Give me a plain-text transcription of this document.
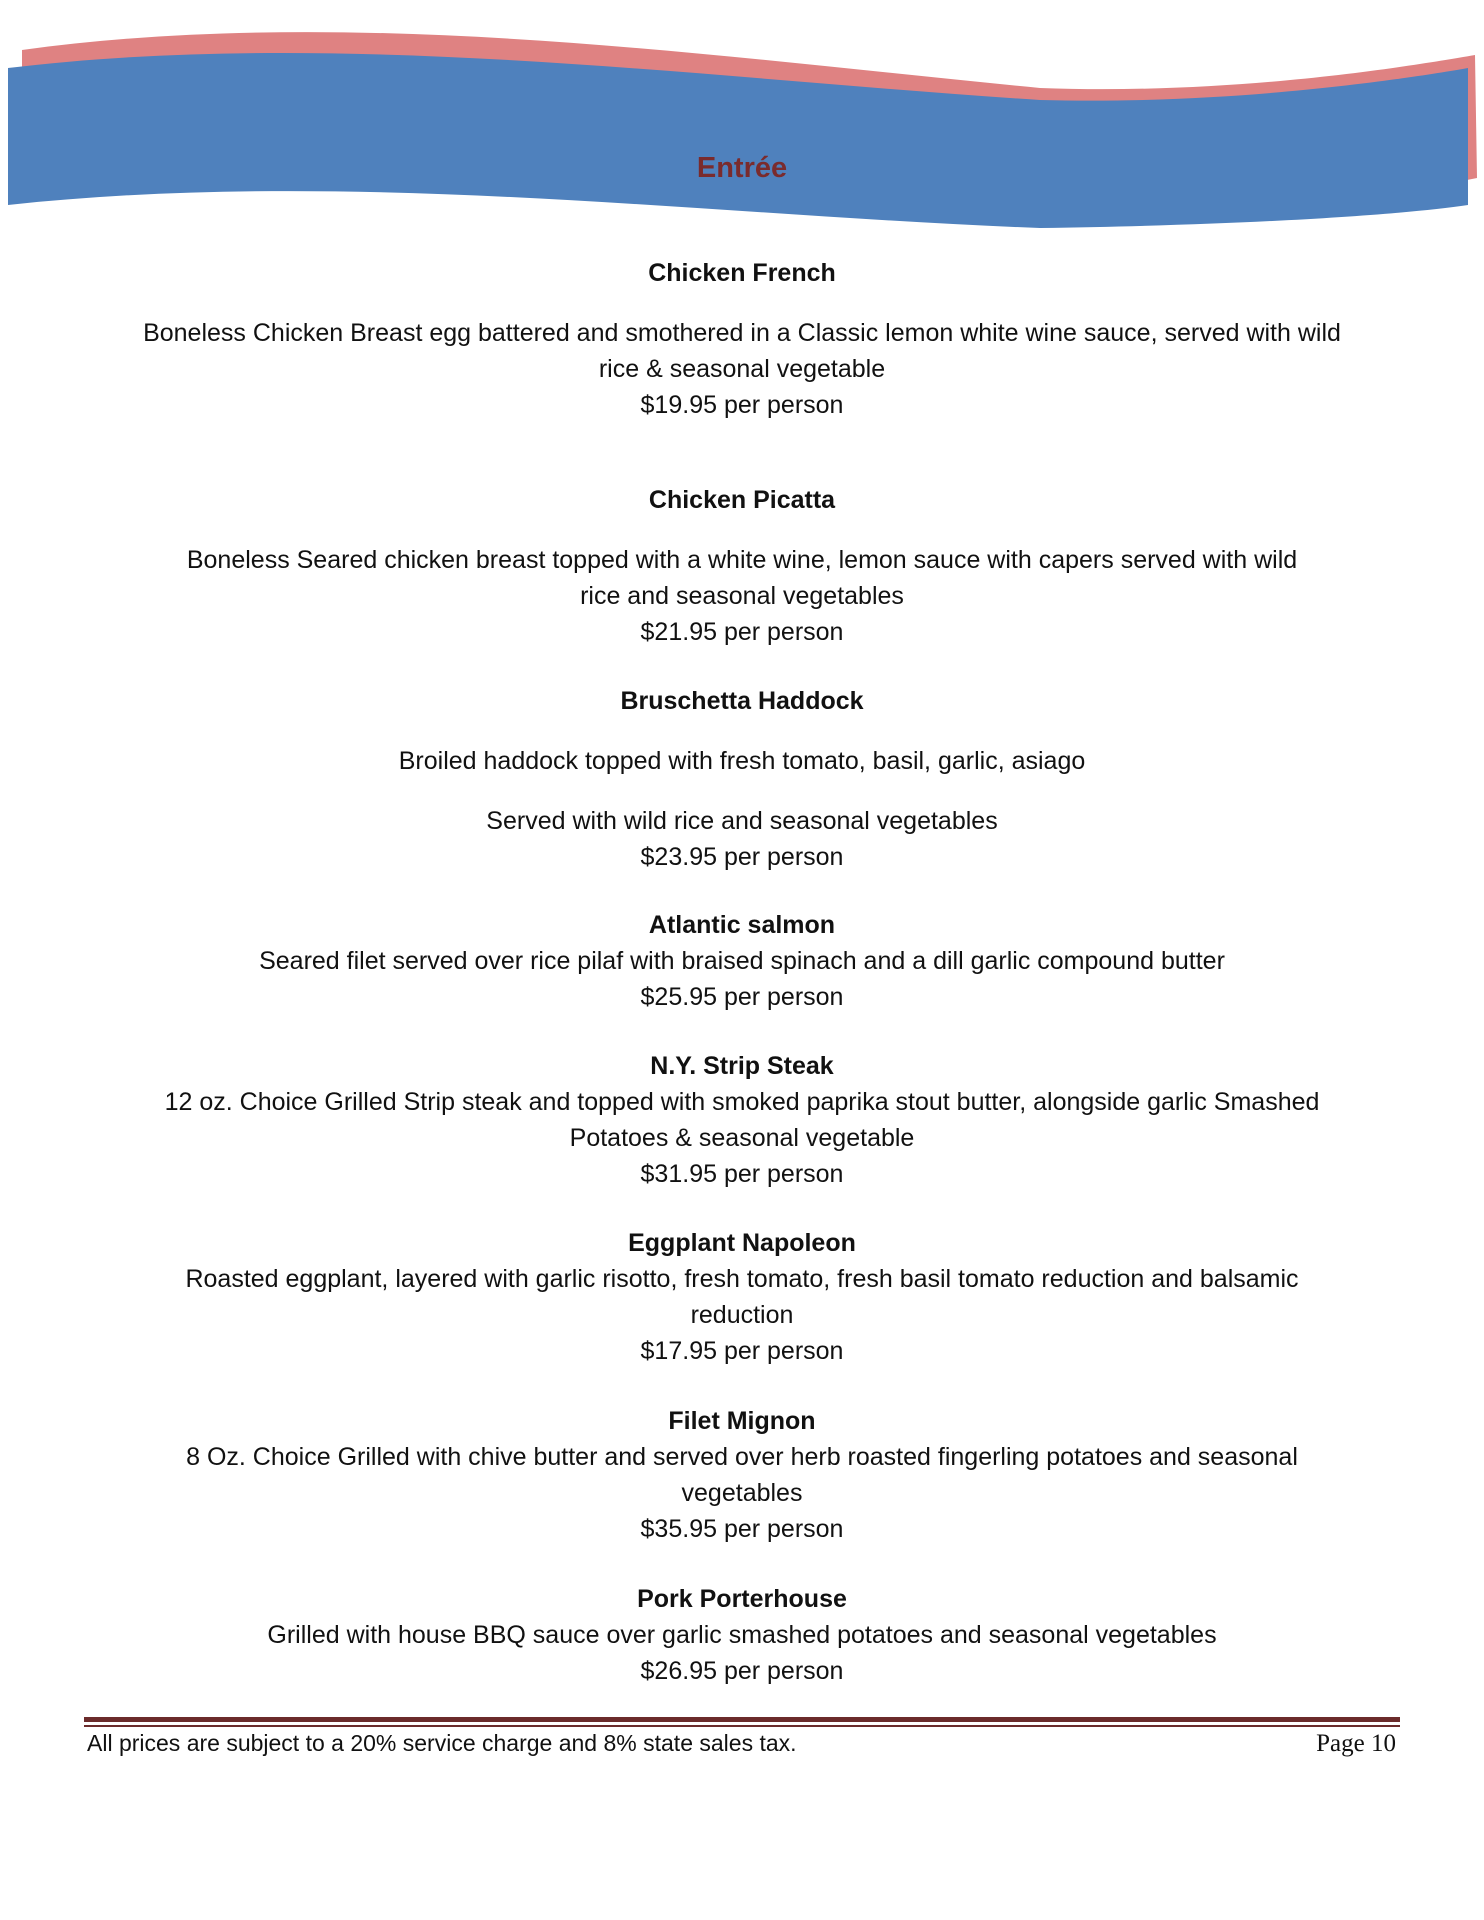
Entrée
Chicken French
Boneless Chicken Breast egg battered and smothered in a Classic lemon white wine sauce, served with wild
rice & seasonal vegetable
$19.95 per person
Chicken Picatta
Boneless Seared chicken breast topped with a white wine, lemon sauce with capers served with wild
rice and seasonal vegetables
$21.95 per person
Bruschetta Haddock
Broiled haddock topped with fresh tomato, basil, garlic, asiago
Served with wild rice and seasonal vegetables
$23.95 per person
Atlantic salmon
Seared filet served over rice pilaf with braised spinach and a dill garlic compound butter
$25.95 per person
N.Y. Strip Steak
12 oz. Choice Grilled Strip steak and topped with smoked paprika stout butter, alongside garlic Smashed
Potatoes & seasonal vegetable
$31.95 per person
Eggplant Napoleon
Roasted eggplant, layered with garlic risotto, fresh tomato, fresh basil tomato reduction and balsamic
reduction
$17.95 per person
Filet Mignon
8 Oz. Choice Grilled with chive butter and served over herb roasted fingerling potatoes and seasonal
vegetables
$35.95 per person
Pork Porterhouse
Grilled with house BBQ sauce over garlic smashed potatoes and seasonal vegetables
$26.95 per person
All prices are subject to a 20% service charge and 8% state sales tax.	Page 10
